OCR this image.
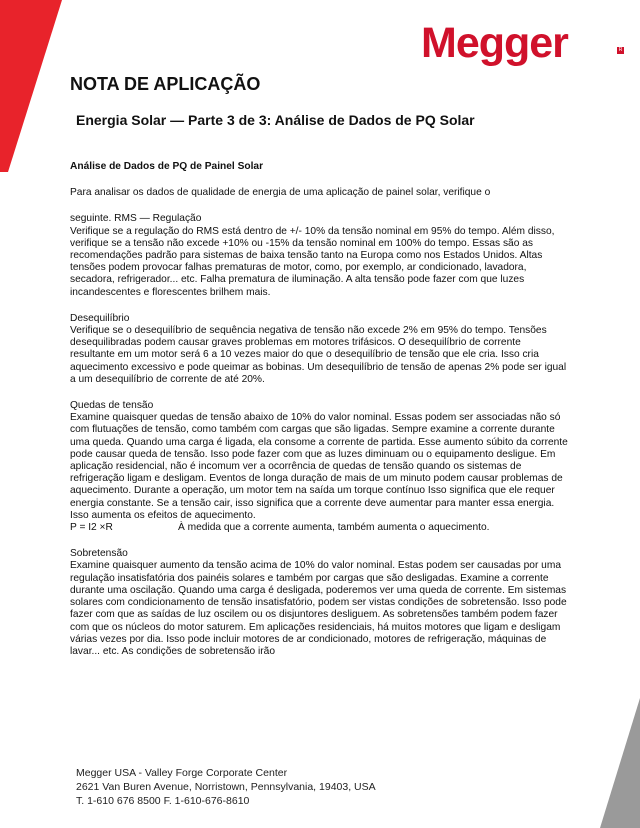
Megger	R
NOTA DE APLICAÇÃO
Energia Solar — Parte 3 de 3: Análise de Dados de PQ Solar

Análise de Dados de PQ de Painel Solar

Para analisar os dados de qualidade de energia de uma aplicação de painel solar, verifique o

seguinte. RMS — Regulação

Verifique se a regulação do RMS está dentro de +/- 10% da tensão nominal em 95% do tempo. Além disso, verifique se a tensão não excede +10% ou -15% da tensão nominal em 100% do tempo. Essas são as recomendações padrão para sistemas de baixa tensão tanto na Europa como nos Estados Unidos. Altas tensões podem provocar falhas prematuras de motor, como, por exemplo, ar condicionado, lavadora, secadora, refrigerador... etc. Falha prematura de iluminação. A alta tensão pode fazer com que luzes incandescentes e florescentes brilhem mais.

Desequilíbrio

Verifique se o desequilíbrio de sequência negativa de tensão não excede 2% em 95% do tempo. Tensões desequilibradas podem causar graves problemas em motores trifásicos. O desequilíbrio de corrente resultante em um motor será 6 a 10 vezes maior do que o desequilíbrio de tensão que ele cria. Isso cria aquecimento excessivo e pode queimar as bobinas. Um desequilíbrio de tensão de apenas 2% pode ser igual a um desequilíbrio de corrente de até 20%.

Quedas de tensão

Examine quaisquer quedas de tensão abaixo de 10% do valor nominal. Essas podem ser associadas não só com flutuações de tensão, como também com cargas que são ligadas. Sempre examine a corrente durante uma queda. Quando uma carga é ligada, ela consome a corrente de partida. Esse aumento súbito da corrente pode causar queda de tensão. Isso pode fazer com que as luzes diminuam ou o equipamento desligue. Em aplicação residencial, não é incomum ver a ocorrência de quedas de tensão quando os sistemas de refrigeração ligam e desligam. Eventos de longa duração de mais de um minuto podem causar problemas de aquecimento. Durante a operação, um motor tem na saída um torque contínuo Isso significa que ele requer energia constante. Se a tensão cair, isso significa que a corrente deve aumentar para manter essa energia. Isso aumenta os efeitos de aquecimento.

P = I2 ×R	À medida que a corrente aumenta, também aumenta o aquecimento.

Sobretensão

Examine quaisquer aumento da tensão acima de 10% do valor nominal. Estas podem ser causadas por uma regulação insatisfatória dos painéis solares e também por cargas que são desligadas. Examine a corrente durante uma oscilação. Quando uma carga é desligada, poderemos ver uma queda de corrente. Em sistemas solares com condicionamento de tensão insatisfatório, podem ser vistas condições de sobretensão. Isso pode fazer com que as saídas de luz oscilem ou os disjuntores desliguem. As sobretensões também podem fazer com que os núcleos do motor saturem. Em aplicações residenciais, há muitos motores que ligam e desligam várias vezes por dia. Isso pode incluir motores de ar condicionado, motores de refrigeração, máquinas de lavar... etc. As condições de sobretensão irão

Megger USA - Valley Forge Corporate Center

2621 Van Buren Avenue, Norristown, Pennsylvania, 19403, USA

T. 1-610 676 8500 F. 1-610-676-8610
